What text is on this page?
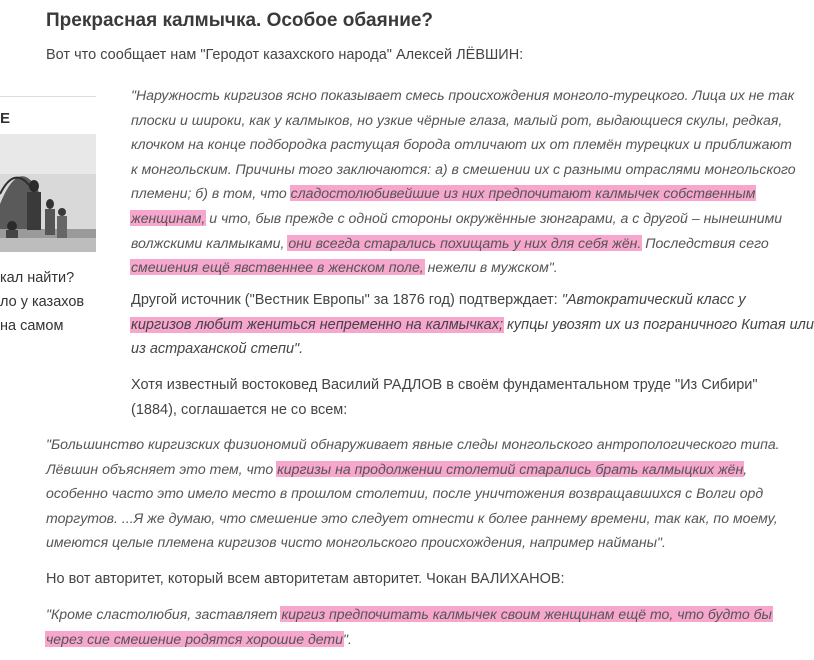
Е
кал найти?
ло у казахов
на самом
Прекрасная калмычка. Особое обаяние?
Вот что сообщает нам "Геродот казахского народа" Алексей ЛЁВШИН:
"Наружность киргизов ясно показывает смесь происхождения монголо-турецкого. Лица их не так
плоски и широки, как у калмыков, но узкие чёрные глаза, малый рот, выдающиеся скулы, редкая,
клочком на конце подбородка растущая борода отличают их от племён турецких и приближают
к монгольским. Причины того заключаются: а) в смешении их с разными отраслями монгольского
племени; б) в том, что сладостолюбивейшие из них предпочитают калмычек собственным
женщинам, и что, быв прежде с одной стороны окружённые зюнгарами, а с другой – нынешними
волжскими калмыками, они всегда старались похищать у них для себя жён. Последствия сего
смешения ещё явственнее в женском поле, нежели в мужском".
Другой источник ("Вестник Европы" за 1876 год) подтверждает: "Автократический класс у
киргизов любит жениться непременно на калмычках; купцы увозят их из пограничного Китая или
из астраханской степи".
Хотя известный востоковед Василий РАДЛОВ в своём фундаментальном труде "Из Сибири"
(1884), соглашается не со всем:
"Большинство киргизских физиономий обнаруживает явные следы монгольского антропологического типа.
Лёвшин объясняет это тем, что киргизы на продолжении столетий старались брать калмыцких жён,
особенно часто это имело место в прошлом столетии, после уничтожения возвращавшихся с Волги орд
торгутов. ...Я же думаю, что смешение это следует отнести к более раннему времени, так как, по моему,
имеются целые племена киргизов чисто монгольского происхождения, например найманы".
Но вот авторитет, который всем авторитетам авторитет. Чокан ВАЛИХАНОВ:
"Кроме сластолюбия, заставляет киргиз предпочитать калмычек своим женщинам ещё то, что будто бы
через сие смешение родятся хорошие дети".
